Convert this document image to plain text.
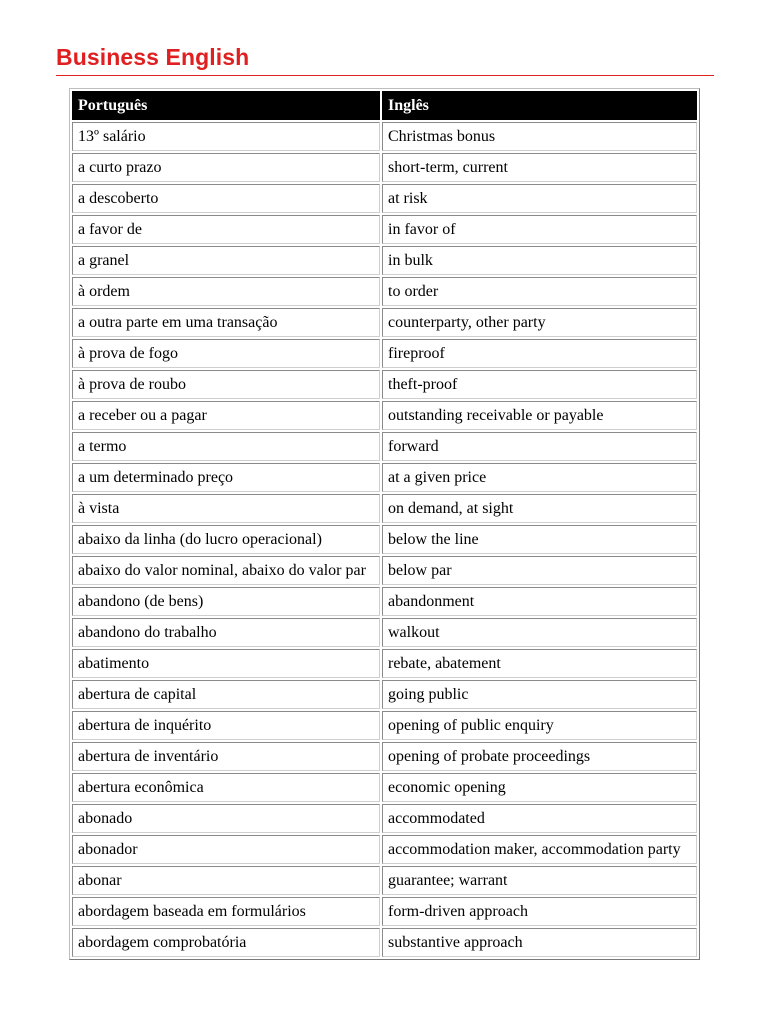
Business English
Português	Inglês
13º salário	Christmas bonus
a curto prazo	short-term, current
a descoberto	at risk
a favor de	in favor of
a granel	in bulk
à ordem	to order
a outra parte em uma transação	counterparty, other party
à prova de fogo	fireproof
à prova de roubo	theft-proof
a receber ou a pagar	outstanding receivable or payable
a termo	forward
a um determinado preço	at a given price
à vista	on demand, at sight
abaixo da linha (do lucro operacional)	below the line
abaixo do valor nominal, abaixo do valor par	below par
abandono (de bens)	abandonment
abandono do trabalho	walkout
abatimento	rebate, abatement
abertura de capital	going public
abertura de inquérito	opening of public enquiry
abertura de inventário	opening of probate proceedings
abertura econômica	economic opening
abonado	accommodated
abonador	accommodation maker, accommodation party
abonar	guarantee; warrant
abordagem baseada em formulários	form-driven approach
abordagem comprobatória	substantive approach
